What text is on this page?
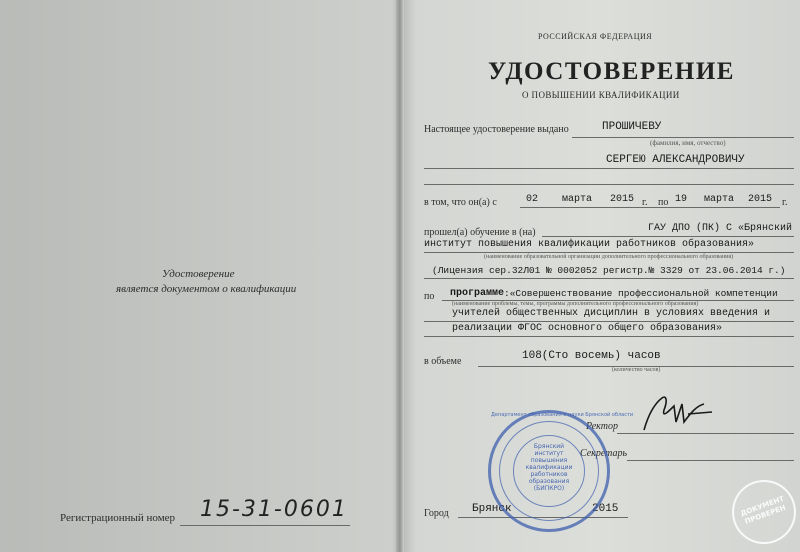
Удостоверение
является документом о квалификации
Регистрационный номер 15-31-0601
РОССИЙСКАЯ ФЕДЕРАЦИЯ
УДОСТОВЕРЕНИЕ
О ПОВЫШЕНИИ КВАЛИФИКАЦИИ
Настоящее удостоверение выдано	ПРОШИЧЕВУ
(фамилия, имя, отчество)
СЕРГЕЮ АЛЕКСАНДРОВИЧУ
в том, что он(а) с	02 марта 2015 г. по 19 марта 2015 г.
прошел(а) обучение в (на)	ГАУ ДПО (ПК) С «Брянский
институт повышения квалификации работников образования»
(наименование образовательной организации дополнительного профессионального образования)
(Лицензия сер.32Л01 № 0002052 регистр.№ 3329 от 23.06.2014 г.)
по программе :«Совершенствование профессиональной компетенции
(наименование проблемы, темы, программы дополнительного профессионального образования)
учителей общественных дисциплин в условиях введения и
реализации ФГОС основного общего образования»
в объеме	108(Сто восемь) часов
(количество часов)
Ректор
Секретарь
Город Брянск	2015
Департамент образования и науки Брянской области
Брянский
институт
повышения
квалификации
работников
образования
(БИПКРО)
ДОКУМЕНТ ПРОВЕРЕН
